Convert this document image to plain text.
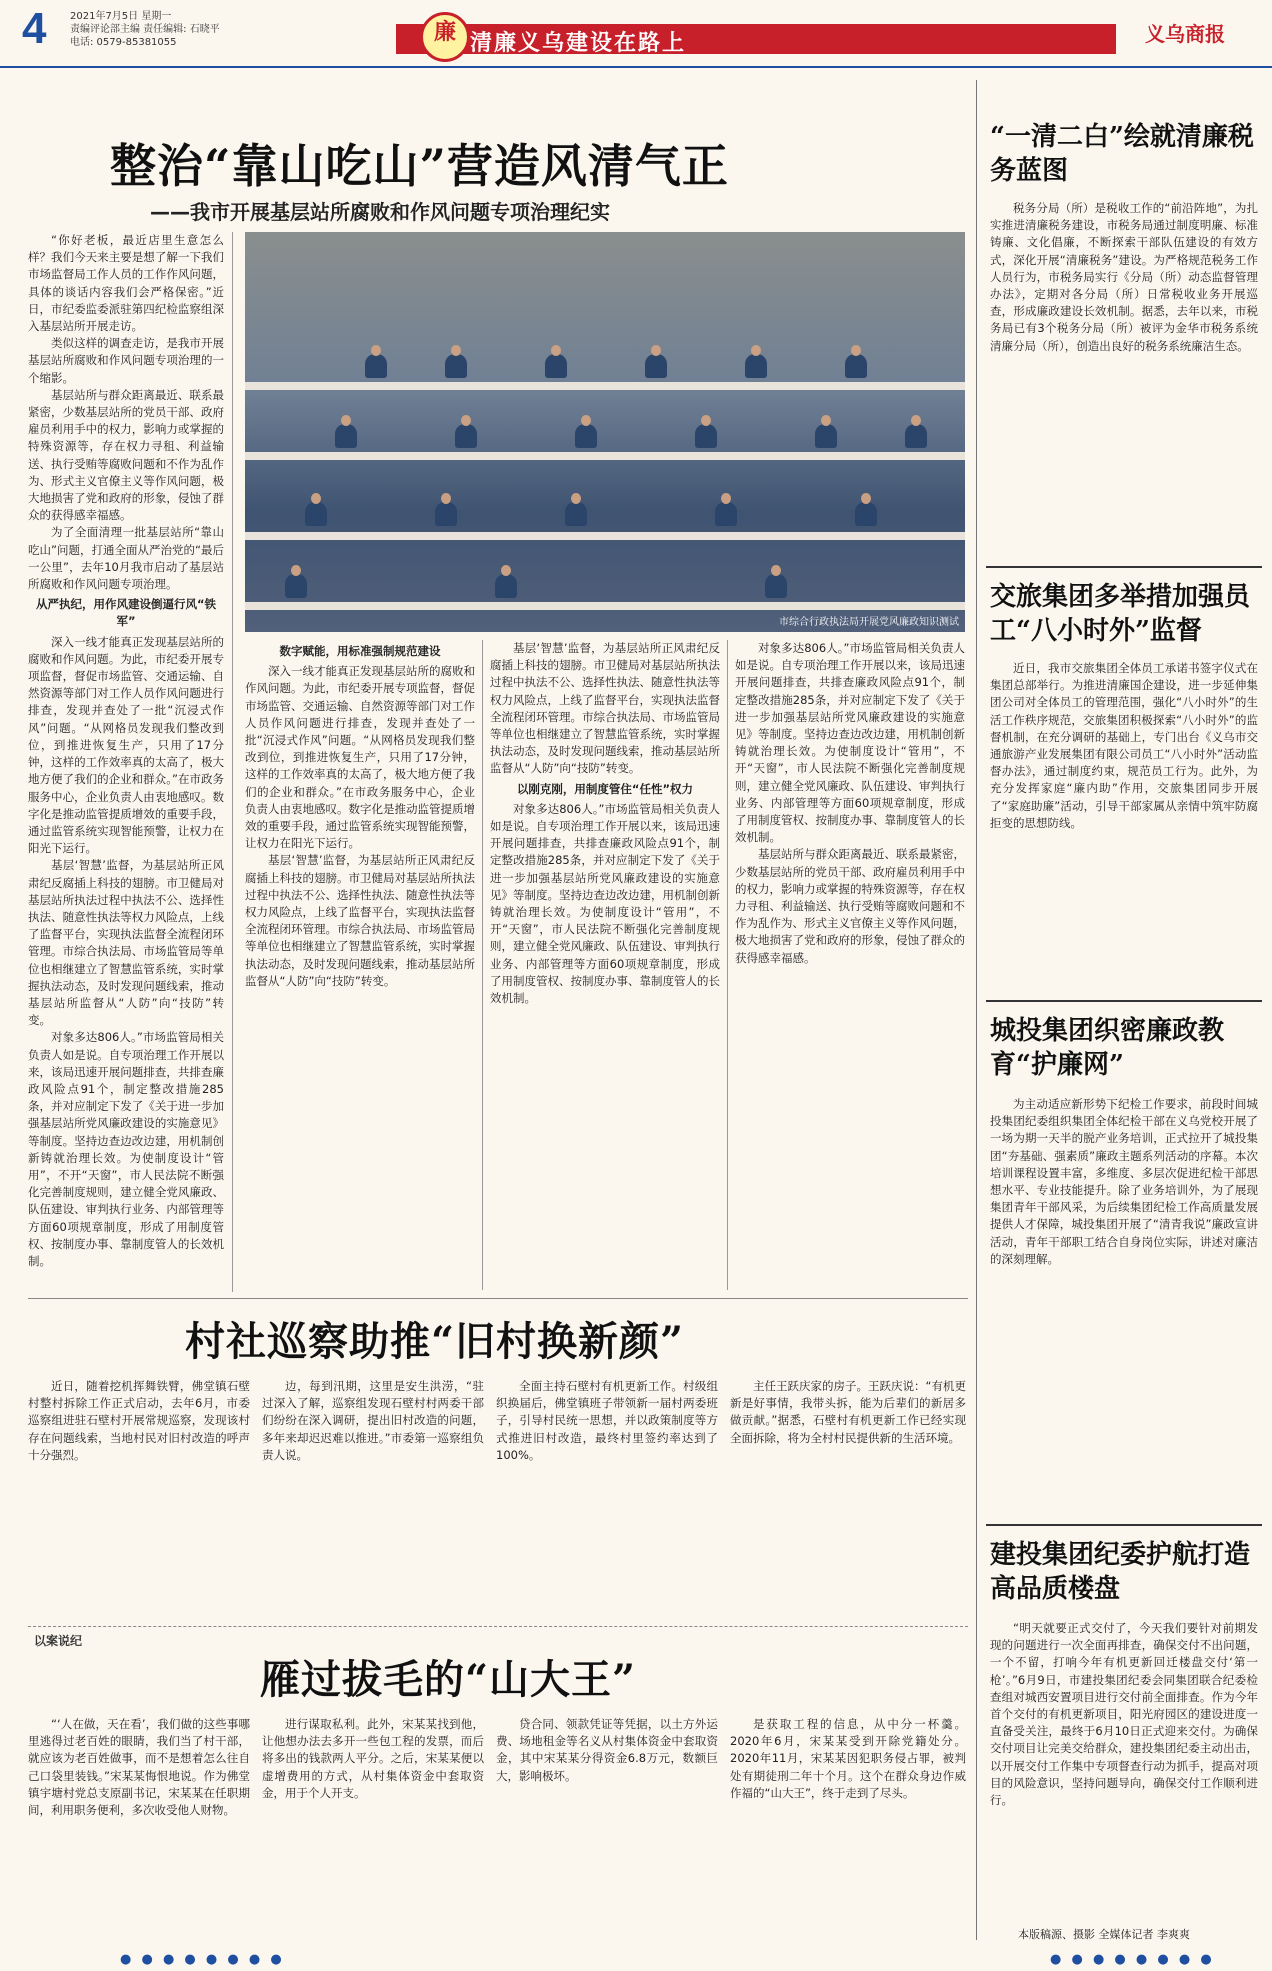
4 2021年7月5日 星期一
责编评论部主编 责任编辑: 石晓平
电话: 0579-85381055	廉 清廉义乌建设在路上	义乌商报
整治“靠山吃山”营造风清气正
——我市开展基层站所腐败和作风问题专项治理纪实

“你好老板，最近店里生意怎么样？我们今天来主要是想了解一下我们市场监督局工作人员的工作作风问题，具体的谈话内容我们会严格保密。”近日，市纪委监委派驻第四纪检监察组深入基层站所开展走访。

类似这样的调查走访，是我市开展基层站所腐败和作风问题专项治理的一个缩影。

基层站所与群众距离最近、联系最紧密，少数基层站所的党员干部、政府雇员利用手中的权力，影响力或掌握的特殊资源等，存在权力寻租、利益输送、执行受贿等腐败问题和不作为乱作为、形式主义官僚主义等作风问题，极大地损害了党和政府的形象，侵蚀了群众的获得感幸福感。

为了全面清理一批基层站所“靠山吃山”问题，打通全面从严治党的“最后一公里”，去年10月我市启动了基层站所腐败和作风问题专项治理。

从严执纪，用作风建设倒逼行风“铁军”

深入一线才能真正发现基层站所的腐败和作风问题。为此，市纪委开展专项监督，督促市场监管、交通运输、自然资源等部门对工作人员作风问题进行排查，发现并查处了一批“沉浸式作风”问题。“从网格员发现我们整改到位，到推进恢复生产，只用了17分钟，这样的工作效率真的太高了，极大地方便了我们的企业和群众。”在市政务服务中心，企业负责人由衷地感叹。数字化是推动监管提质增效的重要手段，通过监管系统实现智能预警，让权力在阳光下运行。

基层‘智慧’监督，为基层站所正风肃纪反腐插上科技的翅膀。市卫健局对基层站所执法过程中执法不公、选择性执法、随意性执法等权力风险点，上线了监督平台，实现执法监督全流程闭环管理。市综合执法局、市场监管局等单位也相继建立了智慧监管系统，实时掌握执法动态，及时发现问题线索，推动基层站所监督从“人防”向“技防”转变。

对象多达806人。”市场监管局相关负责人如是说。自专项治理工作开展以来，该局迅速开展问题排查，共排查廉政风险点91个，制定整改措施285条，并对应制定下发了《关于进一步加强基层站所党风廉政建设的实施意见》等制度。坚持边查边改边建，用机制创新铸就治理长效。为使制度设计“管用”，不开“天窗”，市人民法院不断强化完善制度规则，建立健全党风廉政、队伍建设、审判执行业务、内部管理等方面60项规章制度，形成了用制度管权、按制度办事、靠制度管人的长效机制。

市综合行政执法局开展党风廉政知识测试

数字赋能，用标准强制规范建设

深入一线才能真正发现基层站所的腐败和作风问题。为此，市纪委开展专项监督，督促市场监管、交通运输、自然资源等部门对工作人员作风问题进行排查，发现并查处了一批“沉浸式作风”问题。“从网格员发现我们整改到位，到推进恢复生产，只用了17分钟，这样的工作效率真的太高了，极大地方便了我们的企业和群众。”在市政务服务中心，企业负责人由衷地感叹。数字化是推动监管提质增效的重要手段，通过监管系统实现智能预警，让权力在阳光下运行。

基层‘智慧’监督，为基层站所正风肃纪反腐插上科技的翅膀。市卫健局对基层站所执法过程中执法不公、选择性执法、随意性执法等权力风险点，上线了监督平台，实现执法监督全流程闭环管理。市综合执法局、市场监管局等单位也相继建立了智慧监管系统，实时掌握执法动态，及时发现问题线索，推动基层站所监督从“人防”向“技防”转变。

基层‘智慧’监督，为基层站所正风肃纪反腐插上科技的翅膀。市卫健局对基层站所执法过程中执法不公、选择性执法、随意性执法等权力风险点，上线了监督平台，实现执法监督全流程闭环管理。市综合执法局、市场监管局等单位也相继建立了智慧监管系统，实时掌握执法动态，及时发现问题线索，推动基层站所监督从“人防”向“技防”转变。

以刚克刚，用制度管住“任性”权力

对象多达806人。”市场监管局相关负责人如是说。自专项治理工作开展以来，该局迅速开展问题排查，共排查廉政风险点91个，制定整改措施285条，并对应制定下发了《关于进一步加强基层站所党风廉政建设的实施意见》等制度。坚持边查边改边建，用机制创新铸就治理长效。为使制度设计“管用”，不开“天窗”，市人民法院不断强化完善制度规则，建立健全党风廉政、队伍建设、审判执行业务、内部管理等方面60项规章制度，形成了用制度管权、按制度办事、靠制度管人的长效机制。

对象多达806人。”市场监管局相关负责人如是说。自专项治理工作开展以来，该局迅速开展问题排查，共排查廉政风险点91个，制定整改措施285条，并对应制定下发了《关于进一步加强基层站所党风廉政建设的实施意见》等制度。坚持边查边改边建，用机制创新铸就治理长效。为使制度设计“管用”，不开“天窗”，市人民法院不断强化完善制度规则，建立健全党风廉政、队伍建设、审判执行业务、内部管理等方面60项规章制度，形成了用制度管权、按制度办事、靠制度管人的长效机制。

基层站所与群众距离最近、联系最紧密，少数基层站所的党员干部、政府雇员利用手中的权力，影响力或掌握的特殊资源等，存在权力寻租、利益输送、执行受贿等腐败问题和不作为乱作为、形式主义官僚主义等作风问题，极大地损害了党和政府的形象，侵蚀了群众的获得感幸福感。

“一清二白”绘就清廉税务蓝图

税务分局（所）是税收工作的“前沿阵地”，为扎实推进清廉税务建设，市税务局通过制度明廉、标准铸廉、文化倡廉，不断探索干部队伍建设的有效方式，深化开展“清廉税务”建设。为严格规范税务工作人员行为，市税务局实行《分局（所）动态监督管理办法》，定期对各分局（所）日常税收业务开展巡查，形成廉政建设长效机制。据悉，去年以来，市税务局已有3个税务分局（所）被评为金华市税务系统清廉分局（所），创造出良好的税务系统廉洁生态。

交旅集团多举措加强员工“八小时外”监督

近日，我市交旅集团全体员工承诺书签字仪式在集团总部举行。为推进清廉国企建设，进一步延伸集团公司对全体员工的管理范围，强化“八小时外”的生活工作秩序规范，交旅集团积极探索“八小时外”的监督机制，在充分调研的基础上，专门出台《义乌市交通旅游产业发展集团有限公司员工“八小时外”活动监督办法》，通过制度约束，规范员工行为。此外，为充分发挥家庭“廉内助”作用，交旅集团同步开展了“家庭助廉”活动，引导干部家属从亲情中筑牢防腐拒变的思想防线。

城投集团织密廉政教育“护廉网”

为主动适应新形势下纪检工作要求，前段时间城投集团纪委组织集团全体纪检干部在义乌党校开展了一场为期一天半的脱产业务培训，正式拉开了城投集团“夯基础、强素质”廉政主题系列活动的序幕。本次培训课程设置丰富，多维度、多层次促进纪检干部思想水平、专业技能提升。除了业务培训外，为了展现集团青年干部风采，为后续集团纪检工作高质量发展提供人才保障，城投集团开展了“清青我说”廉政宣讲活动，青年干部职工结合自身岗位实际，讲述对廉洁的深刻理解。

建投集团纪委护航打造高品质楼盘

“明天就要正式交付了，今天我们要针对前期发现的问题进行一次全面再排查，确保交付不出问题，一个不留，打响今年有机更新回迁楼盘交付‘第一枪’。”6月9日，市建投集团纪委会同集团联合纪委检查组对城西安置项目进行交付前全面排查。作为今年首个交付的有机更新项目，阳光府园区的建设进度一直备受关注，最终于6月10日正式迎来交付。为确保交付项目让完美交给群众，建投集团纪委主动出击，以开展交付工作集中专项督查行动为抓手，提高对项目的风险意识，坚持问题导向，确保交付工作顺利进行。

本版稿源、摄影 全媒体记者 李爽爽
村社巡察助推“旧村换新颜”

近日，随着挖机挥舞铁臂，佛堂镇石壁村整村拆除工作正式启动，去年6月，市委巡察组进驻石壁村开展常规巡察，发现该村存在问题线索，当地村民对旧村改造的呼声十分强烈。

边，每到汛期，这里是安生洪涝，“驻过深入了解，巡察组发现石壁村村两委干部们纷纷在深入调研，提出旧村改造的问题，多年来却迟迟难以推进。”市委第一巡察组负责人说。

全面主持石壁村有机更新工作。村级组织换届后，佛堂镇班子带领新一届村两委班子，引导村民统一思想，并以政策制度等方式推进旧村改造，最终村里签约率达到了100%。

主任王跃庆家的房子。王跃庆说：“有机更新是好事情，我带头拆，能为后辈们的新居多做贡献。”据悉，石壁村有机更新工作已经实现全面拆除，将为全村村民提供新的生活环境。

以案说纪
雁过拔毛的“山大王”

“‘人在做，天在看’，我们做的这些事哪里逃得过老百姓的眼睛，我们当了村干部，就应该为老百姓做事，而不是想着怎么往自己口袋里装钱。”宋某某悔恨地说。作为佛堂镇宇塘村党总支原副书记，宋某某在任职期间，利用职务便利，多次收受他人财物。

进行谋取私利。此外，宋某某找到他，让他想办法去多开一些包工程的发票，而后将多出的钱款两人平分。之后，宋某某便以虚增费用的方式，从村集体资金中套取资金，用于个人开支。

贷合同、领款凭证等凭据，以土方外运费、场地租金等名义从村集体资金中套取资金，其中宋某某分得资金6.8万元，数额巨大，影响极坏。

是获取工程的信息，从中分一杯羹。2020年6月，宋某某受到开除党籍处分。2020年11月，宋某某因犯职务侵占罪，被判处有期徒刑二年十个月。这个在群众身边作威作福的“山大王”，终于走到了尽头。

● ● ● ● ● ● ● ●	● ● ● ● ● ● ● ●
